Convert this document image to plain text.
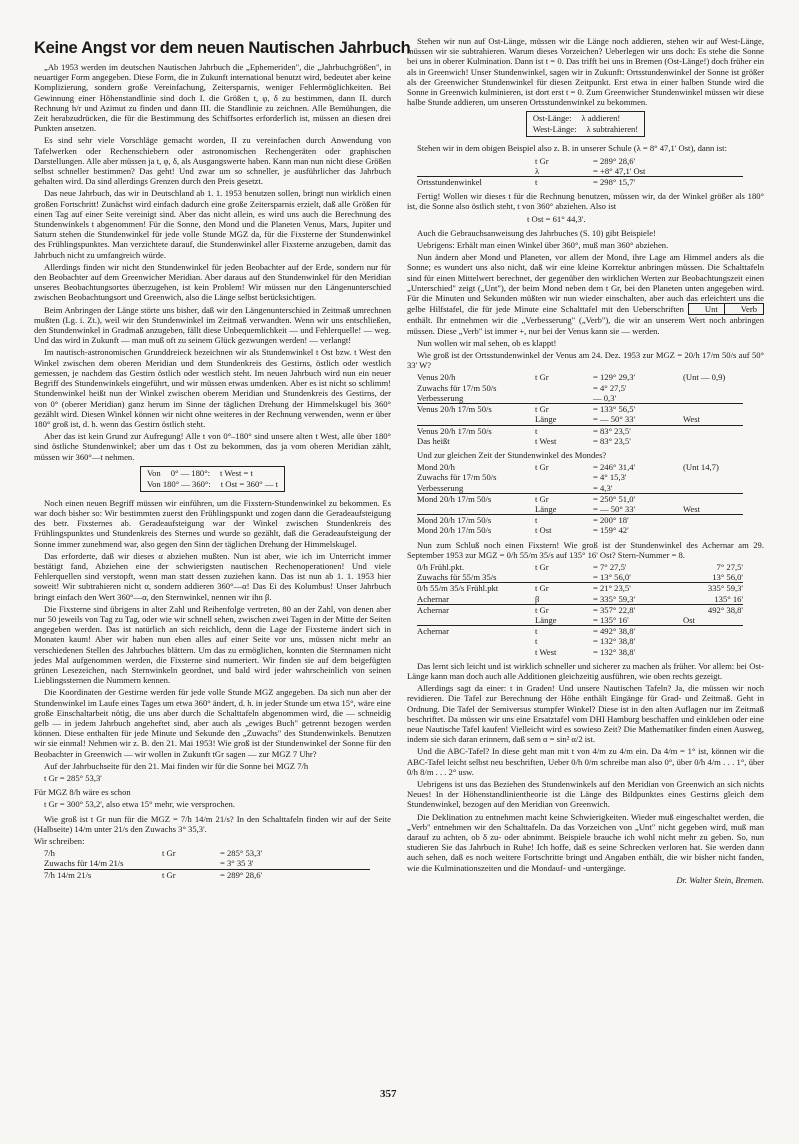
Keine Angst vor dem neuen Nautischen Jahrbuch

„Ab 1953 werden im deutschen Nautischen Jahrbuch die „Ephemeriden", die „Jahrbuchgrößen", in neuartiger Form angegeben. Diese Form, die in Zukunft international benutzt wird, bedeutet aber keine Komplizierung, sondern große Vereinfachung, Zeitersparnis, weniger Fehlermöglichkeiten. Bei Gewinnung einer Höhenstandlinie sind doch I. die Größen t, φ, δ zu bestimmen, dann II. durch Rechnung h/r und Azimut zu finden und dann III. die Standlinie zu zeichnen. Alle Bemühungen, die Zeit herabzudrücken, die für die Bestimmung des Schiffsortes erforderlich ist, müssen an diesen drei Punkten ansetzen.

Es sind sehr viele Vorschläge gemacht worden, II zu vereinfachen durch Anwendung von Tafelwerken oder Rechenschiebern oder astronomischen Rechengeräten oder graphischen Darstellungen. Alle aber müssen ja t, φ, δ, als Ausgangswerte haben. Kann man nun nicht diese Größen selbst schneller bestimmen? Das geht! Und zwar um so schneller, je ausführlicher das Jahrbuch gehalten wird. Da sind allerdings Grenzen durch den Preis gesetzt.

Das neue Jahrbuch, das wir in Deutschland ab 1. 1. 1953 benutzen sollen, bringt nun wirklich einen großen Fortschritt! Zunächst wird einfach dadurch eine große Zeitersparnis erzielt, daß alle Größen für einen Tag auf einer Seite vereinigt sind. Aber das nicht allein, es wird uns auch die Berechnung des Stundenwinkels t abgenommen! Für die Sonne, den Mond und die Planeten Venus, Mars, Jupiter und Saturn stehen die Stundenwinkel für jede volle Stunde MGZ da, für die Fixsterne der Stundenwinkel des Frühlingspunktes. Man verzichtete darauf, die Stundenwinkel aller Fixsterne anzugeben, damit das Jahrbuch nicht zu umfangreich würde.

Allerdings finden wir nicht den Stundenwinkel für jeden Beobachter auf der Erde, sondern nur für den Beobachter auf dem Greenwicher Meridian. Aber daraus auf den Stundenwinkel für den Meridian unseres Beobachtungsortes überzugehen, ist kein Problem! Wir müssen nur den Längenunterschied zwischen Beobachtungsort und Greenwich, also die Länge selbst berücksichtigen.

Beim Anbringen der Länge störte uns bisher, daß wir den Längenunterschied in Zeitmaß umrechnen mußten (Lg. i. Zt.), weil wir den Stundenwinkel im Zeitmaß verwandten. Wenn wir uns entschließen, den Stundenwinkel in Gradmaß anzugeben, fällt diese Unbequemlichkeit — und Fehlerquelle! — weg. Und das wird in Zukunft — man muß oft zu seinem Glück gezwungen werden! — verlangt!

Im nautisch-astronomischen Grunddreieck bezeichnen wir als Stundenwinkel t Ost bzw. t West den Winkel zwischen dem oberen Meridian und dem Stundenkreis des Gestirns, östlich oder westlich gemessen, je nachdem das Gestirn östlich oder westlich steht. Im neuen Jahrbuch wird nun ein neuer Begriff des Stundenwinkels eingeführt, und wir müssen etwas umdenken. Aber es ist nicht so schlimm! Stundenwinkel heißt nun der Winkel zwischen oberem Meridian und Stundenkreis des Gestirns, der von 0° (oberer Meridian) ganz herum im Sinne der täglichen Drehung der Himmelskugel bis 360° gezählt wird. Diesen Winkel können wir nicht ohne weiteres in der Rechnung verwenden, wenn er über 180° groß ist, d. h. wenn das Gestirn östlich steht.

Aber das ist kein Grund zur Aufregung! Alle t von 0°–180° sind unsere alten t West, alle über 180° sind östliche Stundenwinkel; aber um das t Ost zu bekommen, das ja vom oberen Meridian zählt, müssen wir 360°—t nehmen.

Von 0° — 180°: t West = t
Von 180° — 360°: t Ost = 360° — t

Noch einen neuen Begriff müssen wir einführen, um die Fixstern-Stundenwinkel zu bekommen. Es war doch bisher so: Wir bestimmten zuerst den Frühlingspunkt und zogen dann die Geradeaufsteigung des betr. Fixsternes ab. Geradeaufsteigung war der Winkel zwischen Stundenkreis des Frühlingspunktes und Stundenkreis des Sternes und wurde so gezählt, daß die Geradeaufsteigung der Sonne immer zunehmend war, also gegen den Sinn der täglichen Drehung der Himmelskugel.

Das erforderte, daß wir dieses α abziehen mußten. Nun ist aber, wie ich im Unterricht immer bestätigt fand, Abziehen eine der schwierigsten nautischen Rechenoperationen! Und viele Fehlerquellen sind verstopft, wenn man statt dessen zuziehen kann. Das ist nun ab 1. 1. 1953 hier soweit! Wir subtrahieren nicht α, sondern addieren 360°—α! Das Ei des Kolumbus! Unser Jahrbuch bringt einfach den Wert 360°—α, den Sternwinkel, nennen wir ihn β.

Die Fixsterne sind übrigens in alter Zahl und Reihenfolge vertreten, 80 an der Zahl, von denen aber nur 50 jeweils von Tag zu Tag, oder wie wir schnell sehen, zwischen zwei Tagen in der Mitte der Seiten angegeben werden. Das ist natürlich an sich reichlich, denn die Lage der Fixsterne ändert sich in Monaten kaum! Aber wir haben nun eben alles auf einer Seite vor uns, müssen nicht mehr an verschiedenen Stellen des Jahrbuches blättern. Um das zu ermöglichen, konnten die Sternnamen nicht jedes Mal aufgenommen werden, die Fixsterne sind numeriert. Wir finden sie auf dem beigefügten grünen Lesezeichen, nach Sternwinkeln geordnet, und bald wird jeder wahrscheinlich von seinen Lieblingssternen die Nummern kennen.

Die Koordinaten der Gestirne werden für jede volle Stunde MGZ angegeben. Da sich nun aber der Stundenwinkel im Laufe eines Tages um etwa 360° ändert, d. h. in jeder Stunde um etwa 15°, wäre eine große Einschaltarbeit nötig, die uns aber durch die Schalttafeln abgenommen wird, die — schneidig gelb — in jedem Jahrbuch angeheftet sind, aber auch als „ewiges Buch" getrennt bezogen werden können. Diese enthalten für jede Minute und Sekunde den „Zuwachs" des Stundenwinkels. Benutzen wir sie einmal! Nehmen wir z. B. den 21. Mai 1953! Wie groß ist der Stundenwinkel der Sonne für den Beobachter in Greenwich — wir wollen in Zukunft tGr sagen — zur MGZ 7 Uhr?

Auf der Jahrbuchseite für den 21. Mai finden wir für die Sonne bei MGZ 7/h

t Gr = 285° 53,3'

Für MGZ 8/h wäre es schon

t Gr = 300° 53,2', also etwa 15° mehr, wie versprochen.

Wie groß ist t Gr nun für die MGZ = 7/h 14/m 21/s? In den Schalttafeln finden wir auf der Seite (Halbseite) 14/m unter 21/s den Zuwachs 3° 35,3'.

Wir schreiben:
7/h	t Gr	= 285° 53,3'
Zuwachs für 14/m 21/s	= 3° 35 3'
7/h 14/m 21/s	t Gr	= 289° 28,6'

Stehen wir nun auf Ost-Länge, müssen wir die Länge noch addieren, stehen wir auf West-Länge, müssen wir sie subtrahieren. Warum dieses Vorzeichen? Ueberlegen wir uns doch: Es stehe die Sonne bei uns in oberer Kulmination. Dann ist t = 0. Das trifft bei uns in Bremen (Ost-Länge!) doch früher ein als in Greenwich! Unser Stundenwinkel, sagen wir in Zukunft: Ortsstundenwinkel der Sonne ist größer als der Greenwicher Stundenwinkel für diesen Zeitpunkt. Erst etwa in einer halben Stunde wird die Sonne in Greenwich kulminieren, ist dort erst t = 0. Zum Greenwicher Stundenwinkel müssen wir diese halbe Stunde addieren, um unseren Ortsstundenwinkel zu bekommen.

Ost-Länge: λ addieren!
West-Länge: λ subtrahieren!

Stehen wir in dem obigen Beispiel also z. B. in unserer Schule (λ = 8° 47,1' Ost), dann ist:

t Gr	= 289° 28,6'
λ	= +8° 47,1' Ost
Ortsstundenwinkel	t	= 298° 15,7'

Fertig! Wollen wir dieses t für die Rechnung benutzen, müssen wir, da der Winkel größer als 180° ist, die Sonne also östlich steht, t von 360° abziehen. Also ist

t Ost = 61° 44,3'.

Auch die Gebrauchsanweisung des Jahrbuches (S. 10) gibt Beispiele!

Uebrigens: Erhält man einen Winkel über 360°, muß man 360° abziehen.

Nun ändern aber Mond und Planeten, vor allem der Mond, ihre Lage am Himmel anders als die Sonne; es wundert uns also nicht, daß wir eine kleine Korrektur anbringen müssen. Die Schalttafeln sind für einen Mittelwert berechnet, der gegenüber den wirklichen Werten zur Beobachtungszeit einen „Unterschied" zeigt („Unt"), der beim Mond neben dem t Gr, bei den Planeten unten angegeben wird. Für die Minuten und Sekunden müßten wir nun wieder einschalten, aber auch das erleichtert uns die gelbe Hilfstafel, die für jede Minute eine Schalttafel mit den Ueberschriften	Unt	Verb
enthält. Ihr entnehmen wir die „Verbesserung" („Verb"), die wir an unserem Wert noch anbringen müssen. Diese „Verb" ist immer +, nur bei der Venus kann sie — werden.

Nun wollen wir mal sehen, ob es klappt!

Wie groß ist der Ortsstundenwinkel der Venus am 24. Dez. 1953 zur MGZ = 20/h 17/m 50/s auf 50° 33' W?

Venus 20/h	t Gr	= 129° 29,3'	(Unt — 0,9)
Zuwachs für 17/m 50/s	= 4° 27,5'
Verbesserung	— 0,3'
Venus 20/h 17/m 50/s	t Gr	= 133° 56,5'
Länge	= — 50° 33'	West
Venus 20/h 17/m 50/s	t	= 83° 23,5'
Das heißt	t West	= 83° 23,5'

Und zur gleichen Zeit der Stundenwinkel des Mondes?

Mond 20/h	t Gr	= 246° 31,4'	(Unt 14,7)
Zuwachs für 17/m 50/s	= 4° 15,3'
Verbesserung	= 4,3'
Mond 20/h 17/m 50/s	t Gr	= 250° 51,0'
Länge	= — 50° 33'	West
Mond 20/h 17/m 50/s	t	= 200° 18'
Mond 20/h 17/m 50/s	t Ost	= 159° 42'

Nun zum Schluß noch einen Fixstern! Wie groß ist der Stundenwinkel des Achernar am 29. September 1953 zur MGZ = 0/h 55/m 35/s auf 135° 16' Ost? Stern-Nummer = 8.

0/h Frühl.pkt.	t Gr	= 7° 27,5'	7° 27,5'
Zuwachs für 55/m 35/s	= 13° 56,0'	13° 56,0'
0/h 55/m 35/s Frühl.pkt	t Gr	= 21° 23,5'	335° 59,3'
Achernar	β	= 335° 59,3'	135° 16'
Achernar	t Gr	= 357° 22,8'	492° 38,8'
Länge	= 135° 16'	Ost
Achernar	t	= 492° 38,8'
t	= 132° 38,8'
t West	= 132° 38,8'

Das lernt sich leicht und ist wirklich schneller und sicherer zu machen als früher. Vor allem: bei Ost-Länge kann man doch auch alle Additionen gleichzeitig ausführen, wie oben rechts gezeigt.

Allerdings sagt da einer: t in Graden! Und unsere Nautischen Tafeln? Ja, die müssen wir noch revidieren. Die Tafel zur Berechnung der Höhe enthält Eingänge für Grad- und Zeitmaß. Geht in Ordnung. Die Tafel der Semiversus stumpfer Winkel? Diese ist in den alten Auflagen nur im Zeitmaß beschriftet. Da müssen wir uns eine Ersatztafel vom DHI Hamburg beschaffen und einkleben oder eine neue Nautische Tafel kaufen! Vielleicht wird es sowieso Zeit? Die Mathematiker finden einen Ausweg, indem sie sich daran erinnern, daß sem α = sin² α/2 ist.

Und die ABC-Tafel? In diese geht man mit t von 4/m zu 4/m ein. Da 4/m = 1° ist, können wir die ABC-Tafel leicht selbst neu beschriften, Ueber 0/h 0/m schreibe man also 0°, über 0/h 4/m . . . 1°, über 0/h 8/m . . . 2° usw.

Uebrigens ist uns das Beziehen des Stundenwinkels auf den Meridian von Greenwich an sich nichts Neues! In der Höhenstandlinientheorie ist die Länge des Bildpunktes eines Gestirns gleich dem Stundenwinkel, bezogen auf den Meridian von Greenwich.

Die Deklination zu entnehmen macht keine Schwierigkeiten. Wieder muß eingeschaltet werden, die „Verb" entnehmen wir den Schalttafeln. Da das Vorzeichen von „Unt" nicht gegeben wird, muß man darauf zu achten, ob δ zu- oder abnimmt. Beispiele brauche ich wohl nicht mehr zu geben. So, nun studieren Sie das Jahrbuch in Ruhe! Ich hoffe, daß es seine Schrecken verloren hat. Sie werden dann auch sehen, daß es noch weitere Fortschritte bringt und Angaben enthält, die wir bisher nicht fanden, wie die Kulminationszeiten und die Mondauf- und -untergänge.

Dr. Walter Stein, Bremen.
357
